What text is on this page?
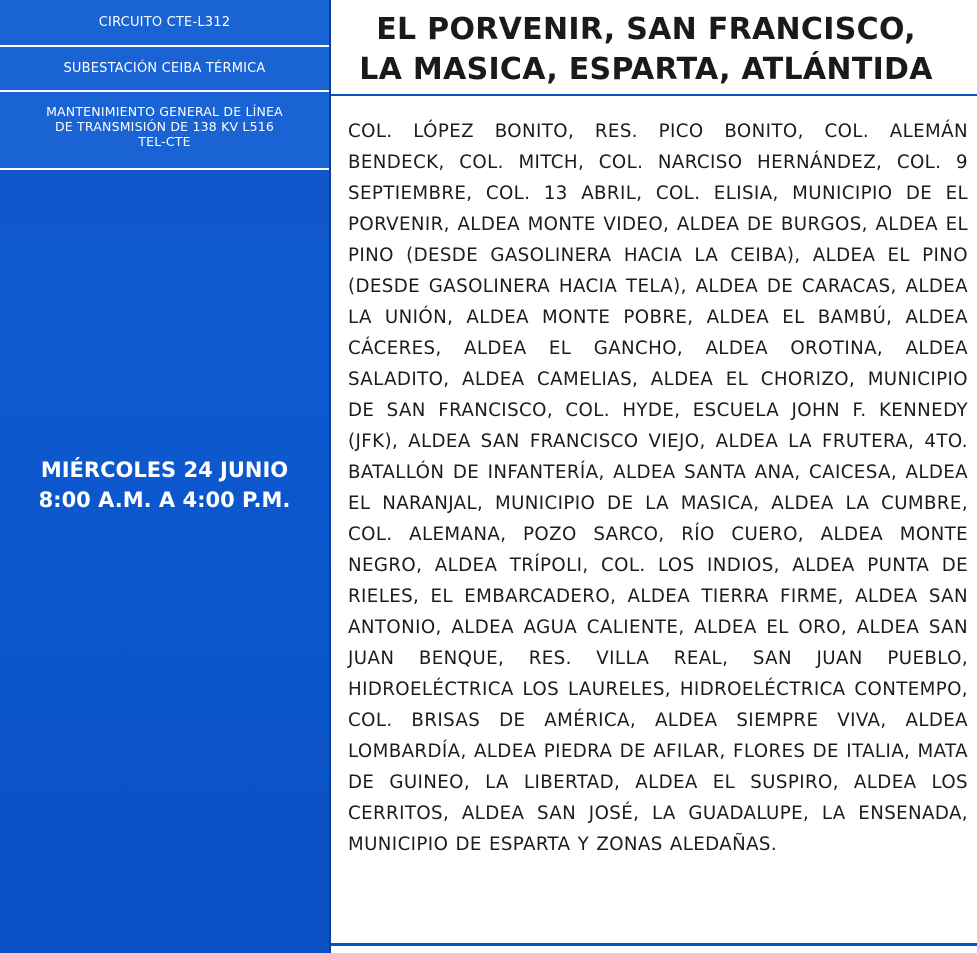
CIRCUITO CTE-L312
SUBESTACIÓN CEIBA TÉRMICA
MANTENIMIENTO GENERAL DE LÍNEA
DE TRANSMISIÓN DE 138 KV L516
TEL-CTE
MIÉRCOLES 24 JUNIO
8:00 A.M. A 4:00 P.M.
EL PORVENIR, SAN FRANCISCO,
LA MASICA, ESPARTA, ATLÁNTIDA
COL. LÓPEZ BONITO, RES. PICO BONITO, COL. ALEMÁN BENDECK, COL. MITCH, COL. NARCISO HERNÁNDEZ, COL. 9 SEPTIEMBRE, COL. 13 ABRIL, COL. ELISIA, MUNICIPIO DE EL PORVENIR, ALDEA MONTE VIDEO, ALDEA DE BURGOS, ALDEA EL PINO (DESDE GASOLINERA HACIA LA CEIBA), ALDEA EL PINO (DESDE GASOLINERA HACIA TELA), ALDEA DE CARACAS, ALDEA LA UNIÓN, ALDEA MONTE POBRE, ALDEA EL BAMBÚ, ALDEA CÁCERES, ALDEA EL GANCHO, ALDEA OROTINA, ALDEA SALADITO, ALDEA CAMELIAS, ALDEA EL CHORIZO, MUNICIPIO DE SAN FRANCISCO, COL. HYDE, ESCUELA JOHN F. KENNEDY (JFK), ALDEA SAN FRANCISCO VIEJO, ALDEA LA FRUTERA, 4TO. BATALLÓN DE INFANTERÍA, ALDEA SANTA ANA, CAICESA, ALDEA EL NARANJAL, MUNICIPIO DE LA MASICA, ALDEA LA CUMBRE, COL. ALEMANA, POZO SARCO, RÍO CUERO, ALDEA MONTE NEGRO, ALDEA TRÍPOLI, COL. LOS INDIOS, ALDEA PUNTA DE RIELES, EL EMBARCADERO, ALDEA TIERRA FIRME, ALDEA SAN ANTONIO, ALDEA AGUA CALIENTE, ALDEA EL ORO, ALDEA SAN JUAN BENQUE, RES. VILLA REAL, SAN JUAN PUEBLO, HIDROELÉCTRICA LOS LAURELES, HIDROELÉCTRICA CONTEMPO, COL. BRISAS DE AMÉRICA, ALDEA SIEMPRE VIVA, ALDEA LOMBARDÍA, ALDEA PIEDRA DE AFILAR, FLORES DE ITALIA, MATA DE GUINEO, LA LIBERTAD, ALDEA EL SUSPIRO, ALDEA LOS CERRITOS, ALDEA SAN JOSÉ, LA GUADALUPE, LA ENSENADA, MUNICIPIO DE ESPARTA Y ZONAS ALEDAÑAS.
